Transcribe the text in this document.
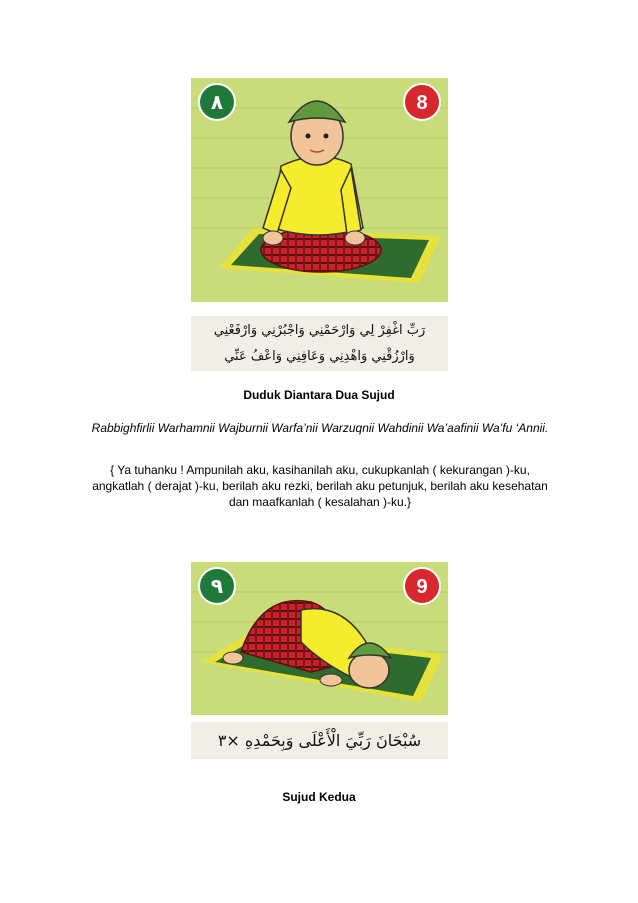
٨	8
رَبِّ اغْفِرْ لِي وَارْحَمْنِي وَاجْبُرْنِي وَارْفَعْنِي
وَارْزُقْنِي وَاهْدِنِي وَعَافِنِي وَاعْفُ عَنِّي
Duduk Diantara Dua Sujud
Rabbighfirlii Warhamnii Wajburnii Warfa’nii Warzuqnii Wahdinii Wa’aafinii Wa’fu ‘Annii.
{ Ya tuhanku ! Ampunilah aku, kasihanilah aku, cukupkanlah ( kekurangan )-ku, angkatlah ( derajat )-ku, berilah aku rezki, berilah aku petunjuk, berilah aku kesehatan dan maafkanlah ( kesalahan )-ku.}
٩	9
سُبْحَانَ رَبِّيَ الْأَعْلَى وَبِحَمْدِهِ ×٣
Sujud Kedua
